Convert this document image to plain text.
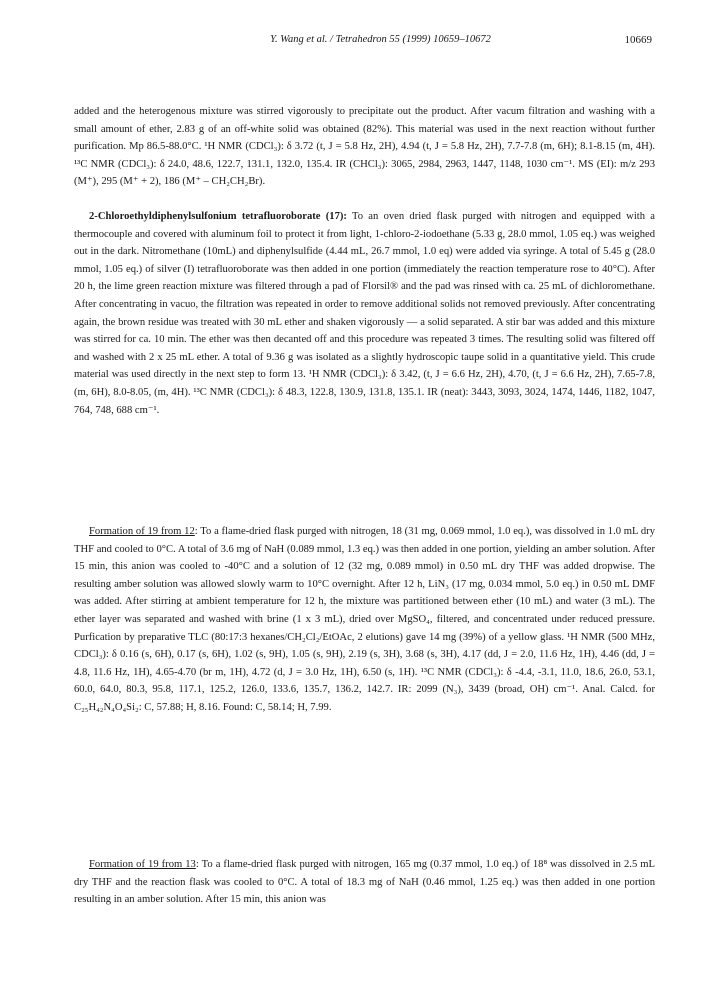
Y. Wang et al. / Tetrahedron 55 (1999) 10659–10672	10669

added and the heterogenous mixture was stirred vigorously to precipitate out the product. After vacum filtration and washing with a small amount of ether, 2.83 g of an off-white solid was obtained (82%). This material was used in the next reaction without further purification. Mp 86.5-88.0°C. ¹H NMR (CDCl₃): δ 3.72 (t, J = 5.8 Hz, 2H), 4.94 (t, J = 5.8 Hz, 2H), 7.7-7.8 (m, 6H); 8.1-8.15 (m, 4H). ¹³C NMR (CDCl₃): δ 24.0, 48.6, 122.7, 131.1, 132.0, 135.4. IR (CHCl₃): 3065, 2984, 2963, 1447, 1148, 1030 cm⁻¹. MS (EI): m/z 293 (M⁺), 295 (M⁺ + 2), 186 (M⁺ – CH₂CH₂Br).

2-Chloroethyldiphenylsulfonium tetrafluoroborate (17): To an oven dried flask purged with nitrogen and equipped with a thermocouple and covered with aluminum foil to protect it from light, 1-chloro-2-iodoethane (5.33 g, 28.0 mmol, 1.05 eq.) was weighed out in the dark. Nitromethane (10mL) and diphenylsulfide (4.44 mL, 26.7 mmol, 1.0 eq) were added via syringe. A total of 5.45 g (28.0 mmol, 1.05 eq.) of silver (I) tetrafluoroborate was then added in one portion (immediately the reaction temperature rose to 40°C). After 20 h, the lime green reaction mixture was filtered through a pad of Florsil® and the pad was rinsed with ca. 25 mL of dichloromethane. After concentrating in vacuo, the filtration was repeated in order to remove additional solids not removed previously. After concentrating again, the brown residue was treated with 30 mL ether and shaken vigorously — a solid separated. A stir bar was added and this mixture was stirred for ca. 10 min. The ether was then decanted off and this procedure was repeated 3 times. The resulting solid was filtered off and washed with 2 x 25 mL ether. A total of 9.36 g was isolated as a slightly hydroscopic taupe solid in a quantitative yield. This crude material was used directly in the next step to form 13. ¹H NMR (CDCl₃): δ 3.42, (t, J = 6.6 Hz, 2H), 4.70, (t, J = 6.6 Hz, 2H), 7.65-7.8, (m, 6H), 8.0-8.05, (m, 4H). ¹³C NMR (CDCl₃): δ 48.3, 122.8, 130.9, 131.8, 135.1. IR (neat): 3443, 3093, 3024, 1474, 1446, 1182, 1047, 764, 748, 688 cm⁻¹.

Formation of 19 from 12: To a flame-dried flask purged with nitrogen, 18 (31 mg, 0.069 mmol, 1.0 eq.), was dissolved in 1.0 mL dry THF and cooled to 0°C. A total of 3.6 mg of NaH (0.089 mmol, 1.3 eq.) was then added in one portion, yielding an amber solution. After 15 min, this anion was cooled to -40°C and a solution of 12 (32 mg, 0.089 mmol) in 0.50 mL dry THF was added dropwise. The resulting amber solution was allowed slowly warm to 10°C overnight. After 12 h, LiN₃ (17 mg, 0.034 mmol, 5.0 eq.) in 0.50 mL DMF was added. After stirring at ambient temperature for 12 h, the mixture was partitioned between ether (10 mL) and water (3 mL). The ether layer was separated and washed with brine (1 x 3 mL), dried over MgSO₄, filtered, and concentrated under reduced pressure. Purfication by preparative TLC (80:17:3 hexanes/CH₂Cl₂/EtOAc, 2 elutions) gave 14 mg (39%) of a yellow glass. ¹H NMR (500 MHz, CDCl₃): δ 0.16 (s, 6H), 0.17 (s, 6H), 1.02 (s, 9H), 1.05 (s, 9H), 2.19 (s, 3H), 3.68 (s, 3H), 4.17 (dd, J = 2.0, 11.6 Hz, 1H), 4.46 (dd, J = 4.8, 11.6 Hz, 1H), 4.65-4.70 (br m, 1H), 4.72 (d, J = 3.0 Hz, 1H), 6.50 (s, 1H). ¹³C NMR (CDCl₃): δ -4.4, -3.1, 11.0, 18.6, 26.0, 53.1, 60.0, 64.0, 80.3, 95.8, 117.1, 125.2, 126.0, 133.6, 135.7, 136.2, 142.7. IR: 2099 (N₃), 3439 (broad, OH) cm⁻¹. Anal. Calcd. for C₂₅H₄₂N₄O₄Si₂: C, 57.88; H, 8.16. Found: C, 58.14; H, 7.99.

Formation of 19 from 13: To a flame-dried flask purged with nitrogen, 165 mg (0.37 mmol, 1.0 eq.) of 18⁸ was dissolved in 2.5 mL dry THF and the reaction flask was cooled to 0°C. A total of 18.3 mg of NaH (0.46 mmol, 1.25 eq.) was then added in one portion resulting in an amber solution. After 15 min, this anion was
